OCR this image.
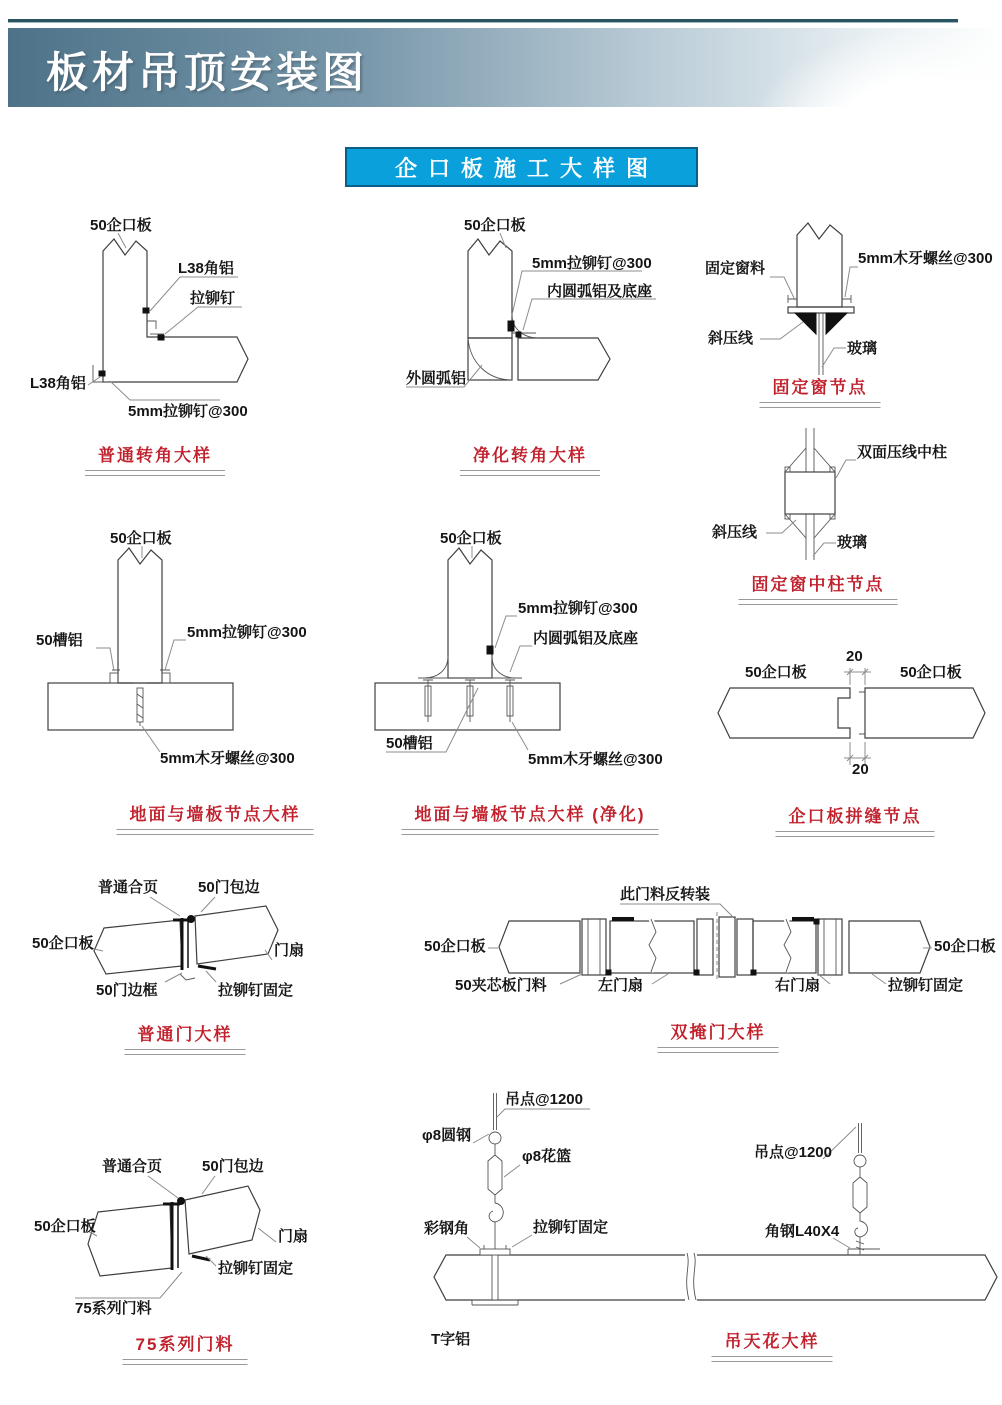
板材吊顶安装图
企口板施工大样图
50企口板
L38角铝
拉铆钉
L38角铝
5mm拉铆钉@300
普通转角大样
50企口板
5mm拉铆钉@300
内圆弧铝及底座
外圆弧铝
净化转角大样
固定窗料
5mm木牙螺丝@300
斜压线
玻璃
固定窗节点
双面压线中柱
斜压线
玻璃
固定窗中柱节点
50企口板
50槽铝	5mm拉铆钉@300
5mm木牙螺丝@300
地面与墙板节点大样
50企口板
5mm拉铆钉@300
内圆弧铝及底座
50槽铝
5mm木牙螺丝@300
地面与墙板节点大样 (净化)
50企口板	50企口板
20
20
企口板拼缝节点
普通合页	50门包边
50企口板	门扇
50门边框	拉铆钉固定
普通门大样
此门料反转装
50企口板	50企口板
50夹芯板门料	左门扇	右门扇	拉铆钉固定
双掩门大样
普通合页	50门包边
50企口板
门扇
拉铆钉固定
75系列门料
75系列门料
吊点@1200
φ8圆钢
φ8花篮
彩钢角	拉铆钉固定
吊点@1200
角钢L40X4
T字铝	吊天花大样
